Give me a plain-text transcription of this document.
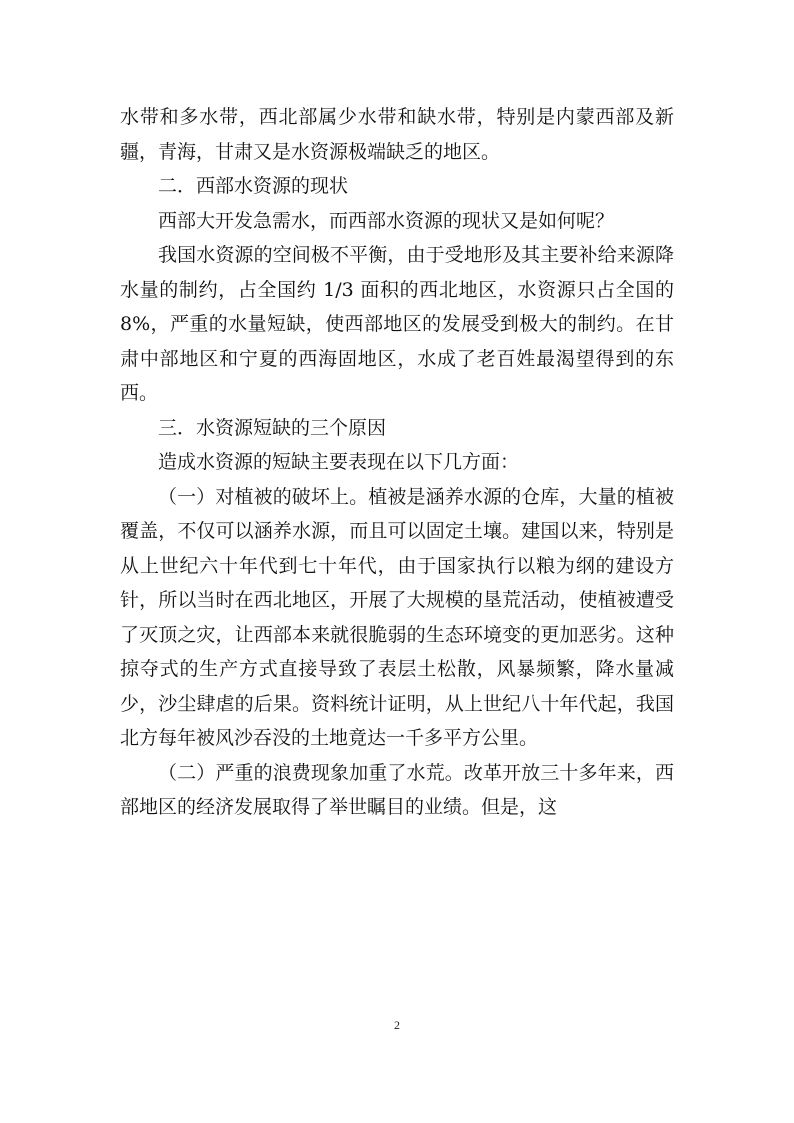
水带和多水带，西北部属少水带和缺水带，特别是内蒙西部及新疆，青海，甘肃又是水资源极端缺乏的地区。

二．西部水资源的现状

西部大开发急需水，而西部水资源的现状又是如何呢？

我国水资源的空间极不平衡，由于受地形及其主要补给来源降水量的制约，占全国约 1/3 面积的西北地区，水资源只占全国的 8%，严重的水量短缺，使西部地区的发展受到极大的制约。在甘肃中部地区和宁夏的西海固地区，水成了老百姓最渴望得到的东西。

三．水资源短缺的三个原因

造成水资源的短缺主要表现在以下几方面：

（一）对植被的破坏上。植被是涵养水源的仓库，大量的植被覆盖，不仅可以涵养水源，而且可以固定土壤。建国以来，特别是从上世纪六十年代到七十年代，由于国家执行以粮为纲的建设方针，所以当时在西北地区，开展了大规模的垦荒活动，使植被遭受了灭顶之灾，让西部本来就很脆弱的生态环境变的更加恶劣。这种掠夺式的生产方式直接导致了表层土松散，风暴频繁，降水量减少，沙尘肆虐的后果。资料统计证明，从上世纪八十年代起，我国北方每年被风沙吞没的土地竟达一千多平方公里。

（二）严重的浪费现象加重了水荒。改革开放三十多年来，西部地区的经济发展取得了举世瞩目的业绩。但是，这

2
